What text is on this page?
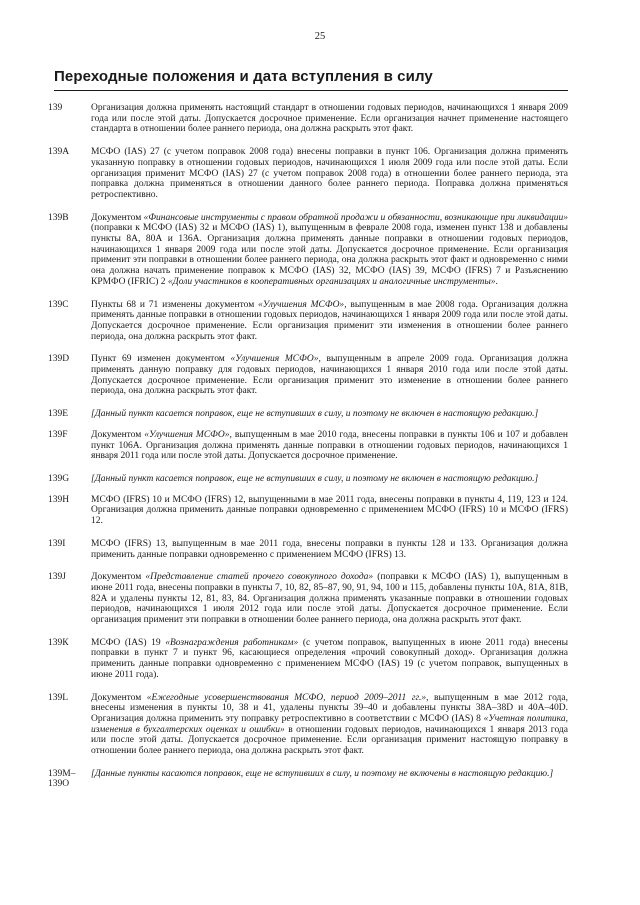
25
Переходные положения и дата вступления в силу
139	Организация должна применять настоящий стандарт в отношении годовых периодов, начинающихся 1 января 2009 года или после этой даты. Допускается досрочное применение. Если организация начнет применение настоящего стандарта в отношении более раннего периода, она должна раскрыть этот факт.
139А	МСФО (IAS) 27 (с учетом поправок 2008 года) внесены поправки в пункт 106. Организация должна применять указанную поправку в отношении годовых периодов, начинающихся 1 июля 2009 года или после этой даты. Если организация применит МСФО (IAS) 27 (с учетом поправок 2008 года) в отношении более раннего периода, эта поправка должна применяться в отношении данного более раннего периода. Поправка должна применяться ретроспективно.
139В	Документом «Финансовые инструменты с правом обратной продажи и обязанности, возникающие при ликвидации» (поправки к МСФО (IAS) 32 и МСФО (IAS) 1), выпущенным в феврале 2008 года, изменен пункт 138 и добавлены пункты 8А, 80А и 136А. Организация должна применять данные поправки в отношении годовых периодов, начинающихся 1 января 2009 года или после этой даты. Допускается досрочное применение. Если организация применит эти поправки в отношении более раннего периода, она должна раскрыть этот факт и одновременно с ними она должна начать применение поправок к МСФО (IAS) 32, МСФО (IAS) 39, МСФО (IFRS) 7 и Разъяснению КРМФО (IFRIC) 2 «Доли участников в кооперативных организациях и аналогичные инструменты».
139С	Пункты 68 и 71 изменены документом «Улучшения МСФО», выпущенным в мае 2008 года. Организация должна применять данные поправки в отношении годовых периодов, начинающихся 1 января 2009 года или после этой даты. Допускается досрочное применение. Если организация применит эти изменения в отношении более раннего периода, она должна раскрыть этот факт.
139D	Пункт 69 изменен документом «Улучшения МСФО», выпущенным в апреле 2009 года. Организация должна применять данную поправку для годовых периодов, начинающихся 1 января 2010 года или после этой даты. Допускается досрочное применение. Если организация применит это изменение в отношении более раннего периода, она должна раскрыть этот факт.
139Е	[Данный пункт касается поправок, еще не вступивших в силу, и поэтому не включен в настоящую редакцию.]
139F	Документом «Улучшения МСФО», выпущенным в мае 2010 года, внесены поправки в пункты 106 и 107 и добавлен пункт 106А. Организация должна применять данные поправки в отношении годовых периодов, начинающихся 1 января 2011 года или после этой даты. Допускается досрочное применение.
139G	[Данный пункт касается поправок, еще не вступивших в силу, и поэтому не включен в настоящую редакцию.]
139Н	МСФО (IFRS) 10 и МСФО (IFRS) 12, выпущенными в мае 2011 года, внесены поправки в пункты 4, 119, 123 и 124. Организация должна применить данные поправки одновременно с применением МСФО (IFRS) 10 и МСФО (IFRS) 12.
139I	МСФО (IFRS) 13, выпущенным в мае 2011 года, внесены поправки в пункты 128 и 133. Организация должна применить данные поправки одновременно с применением МСФО (IFRS) 13.
139J	Документом «Представление статей прочего совокупного дохода» (поправки к МСФО (IAS) 1), выпущенным в июне 2011 года, внесены поправки в пункты 7, 10, 82, 85–87, 90, 91, 94, 100 и 115, добавлены пункты 10А, 81А, 81В, 82А и удалены пункты 12, 81, 83, 84. Организация должна применять указанные поправки в отношении годовых периодов, начинающихся 1 июля 2012 года или после этой даты. Допускается досрочное применение. Если организация применит эти поправки в отношении более раннего периода, она должна раскрыть этот факт.
139К	МСФО (IAS) 19 «Вознаграждения работникам» (с учетом поправок, выпущенных в июне 2011 года) внесены поправки в пункт 7 и пункт 96, касающиеся определения «прочий совокупный доход». Организация должна применить данные поправки одновременно с применением МСФО (IAS) 19 (с учетом поправок, выпущенных в июне 2011 года).
139L	Документом «Ежегодные усовершенствования МСФО, период 2009–2011 гг.», выпущенным в мае 2012 года, внесены изменения в пункты 10, 38 и 41, удалены пункты 39–40 и добавлены пункты 38А–38D и 40А–40D. Организация должна применить эту поправку ретроспективно в соответствии с МСФО (IAS) 8 «Учетная политика, изменения в бухгалтерских оценках и ошибки» в отношении годовых периодов, начинающихся 1 января 2013 года или после этой даты. Допускается досрочное применение. Если организация применит настоящую поправку в отношении более раннего периода, она должна раскрыть этот факт.
139М–139О
[Данные пункты касаются поправок, еще не вступивших в силу, и поэтому не включены в настоящую редакцию.]
